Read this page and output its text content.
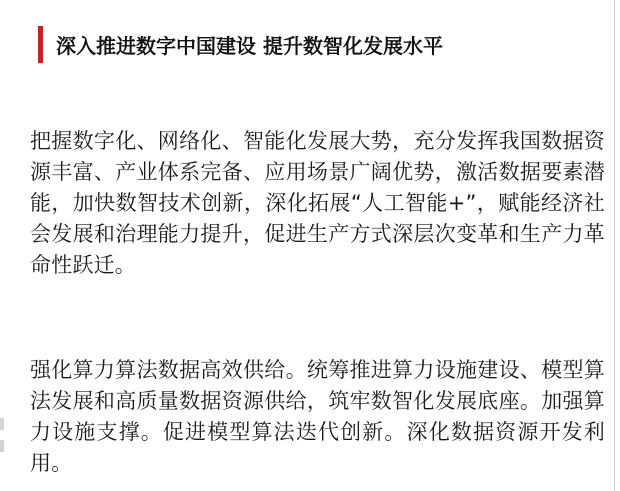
深入推进数字中国建设 提升数智化发展水平

把握数字化、网络化、智能化发展大势，充分发挥我国数据资源丰富、产业体系完备、应用场景广阔优势，激活数据要素潜能，加快数智技术创新，深化拓展“人工智能+”，赋能经济社会发展和治理能力提升，促进生产方式深层次变革和生产力革命性跃迁。

强化算力算法数据高效供给。统筹推进算力设施建设、模型算法发展和高质量数据资源供给，筑牢数智化发展底座。加强算力设施支撑。促进模型算法迭代创新。深化数据资源开发利用。
